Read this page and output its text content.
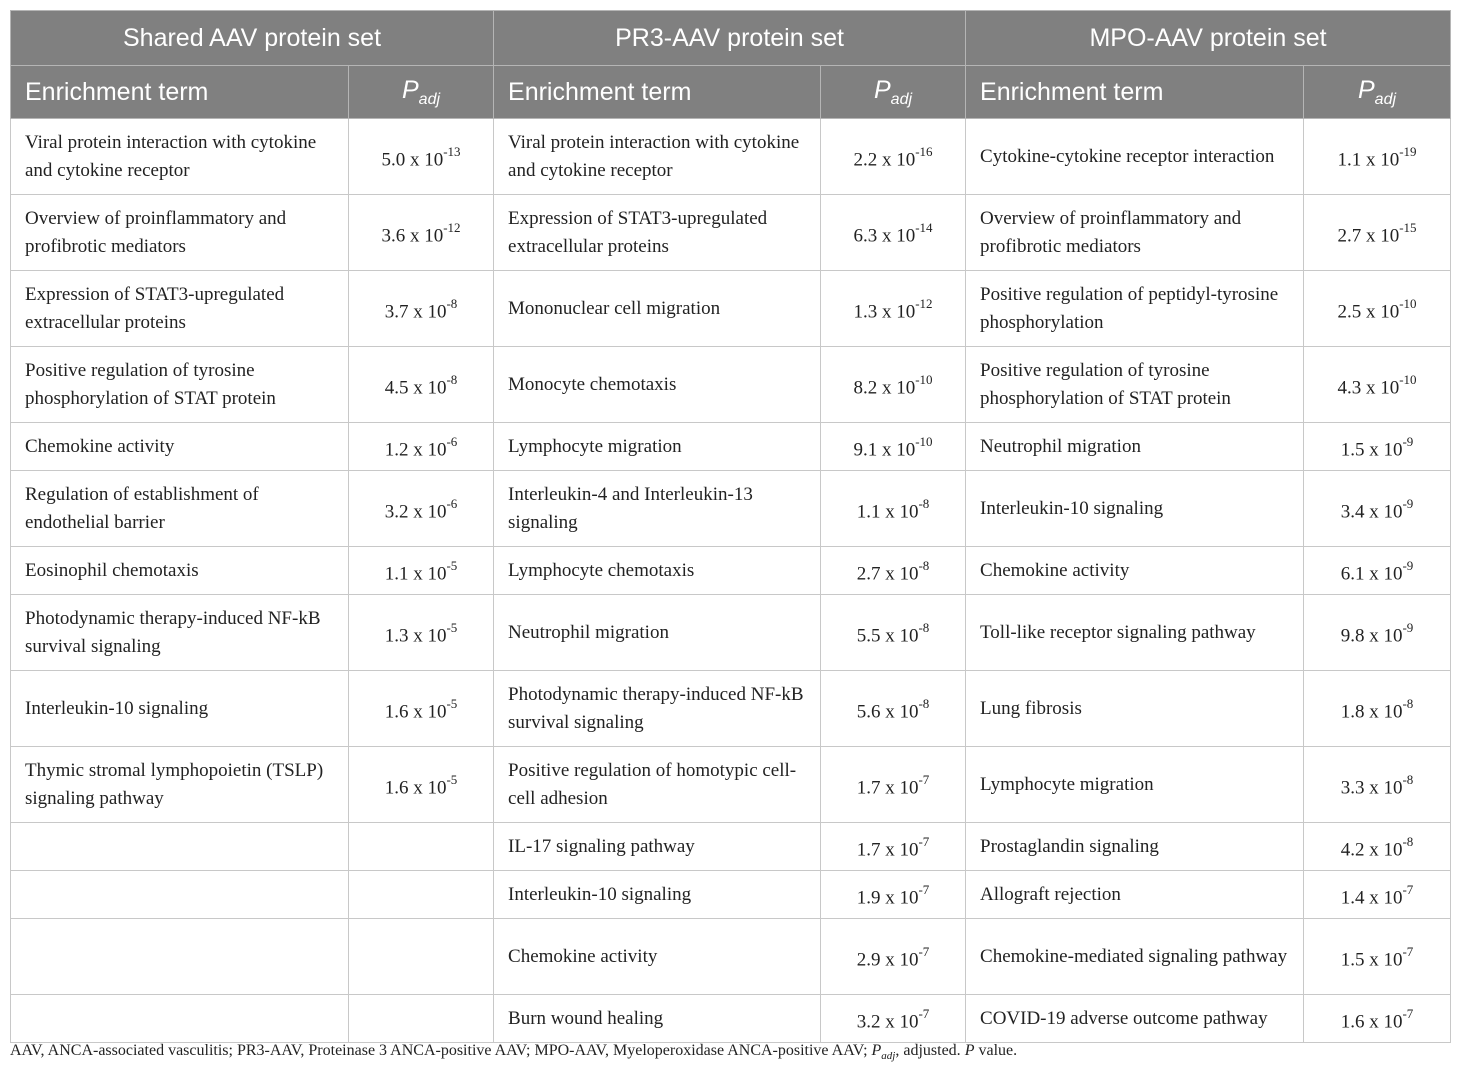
Shared AAV protein set		PR3-AAV protein set		MPO-AAV protein set	
Enrichment term	$P_{adj}$	Enrichment term	$P_{adj}$	Enrichment term	$P_{adj}$
Viral protein interaction with cytokine and cytokine receptor	5.0 x $10^{-13}$	Viral protein interaction with cytokine and cytokine receptor	2.2 x $10^{-16}$	Cytokine-cytokine receptor interaction	1.1 x $10^{-19}$
Overview of proinflammatory and profibrotic mediators	3.6 x $10^{-12}$	Expression of STAT3-upregulated extracellular proteins	6.3 x $10^{-14}$	Overview of proinflammatory and profibrotic mediators	2.7 x $10^{-15}$
Expression of STAT3-upregulated extracellular proteins	3.7 x $10^{-8}$	Mononuclear cell migration	1.3 x $10^{-12}$	Positive regulation of peptidyl-tyrosine phosphorylation	2.5 x $10^{-10}$
Positive regulation of tyrosine phosphorylation of STAT protein	4.5 x $10^{-8}$	Monocyte chemotaxis	8.2 x $10^{-10}$	Positive regulation of tyrosine phosphorylation of STAT protein	4.3 x $10^{-10}$
Chemokine activity	1.2 x $10^{-6}$	Lymphocyte migration	9.1 x $10^{-10}$	Neutrophil migration	1.5 x $10^{-9}$
Regulation of establishment of endothelial barrier	3.2 x $10^{-6}$	Interleukin-4 and Interleukin-13 signaling	1.1 x $10^{-8}$	Interleukin-10 signaling	3.4 x $10^{-9}$
Eosinophil chemotaxis	1.1 x $10^{-5}$	Lymphocyte chemotaxis	2.7 x $10^{-8}$	Chemokine activity	6.1 x $10^{-9}$
Photodynamic therapy-induced NF-kB survival signaling	1.3 x $10^{-5}$	Neutrophil migration	5.5 x $10^{-8}$	Toll-like receptor signaling pathway	9.8 x $10^{-9}$
Interleukin-10 signaling	1.6 x $10^{-5}$	Photodynamic therapy-induced NF-kB survival signaling	5.6 x $10^{-8}$	Lung fibrosis	1.8 x $10^{-8}$
Thymic stromal lymphopoietin (TSLP) signaling pathway	1.6 x $10^{-5}$	Positive regulation of homotypic cell-cell adhesion	1.7 x $10^{-7}$	Lymphocyte migration	3.3 x $10^{-8}$
		IL-17 signaling pathway	1.7 x $10^{-7}$	Prostaglandin signaling	4.2 x $10^{-8}$
		Interleukin-10 signaling	1.9 x $10^{-7}$	Allograft rejection	1.4 x $10^{-7}$
		Chemokine activity	2.9 x $10^{-7}$	Chemokine-mediated signaling pathway	1.5 x $10^{-7}$
		Burn wound healing	3.2 x $10^{-7}$	COVID-19 adverse outcome pathway	1.6 x $10^{-7}$
AAV, ANCA-associated vasculitis; PR3-AAV, Proteinase 3 ANCA-positive AAV; MPO-AAV, Myeloperoxidase ANCA-positive AAV; $P_{adj}$, adjusted. P value.
